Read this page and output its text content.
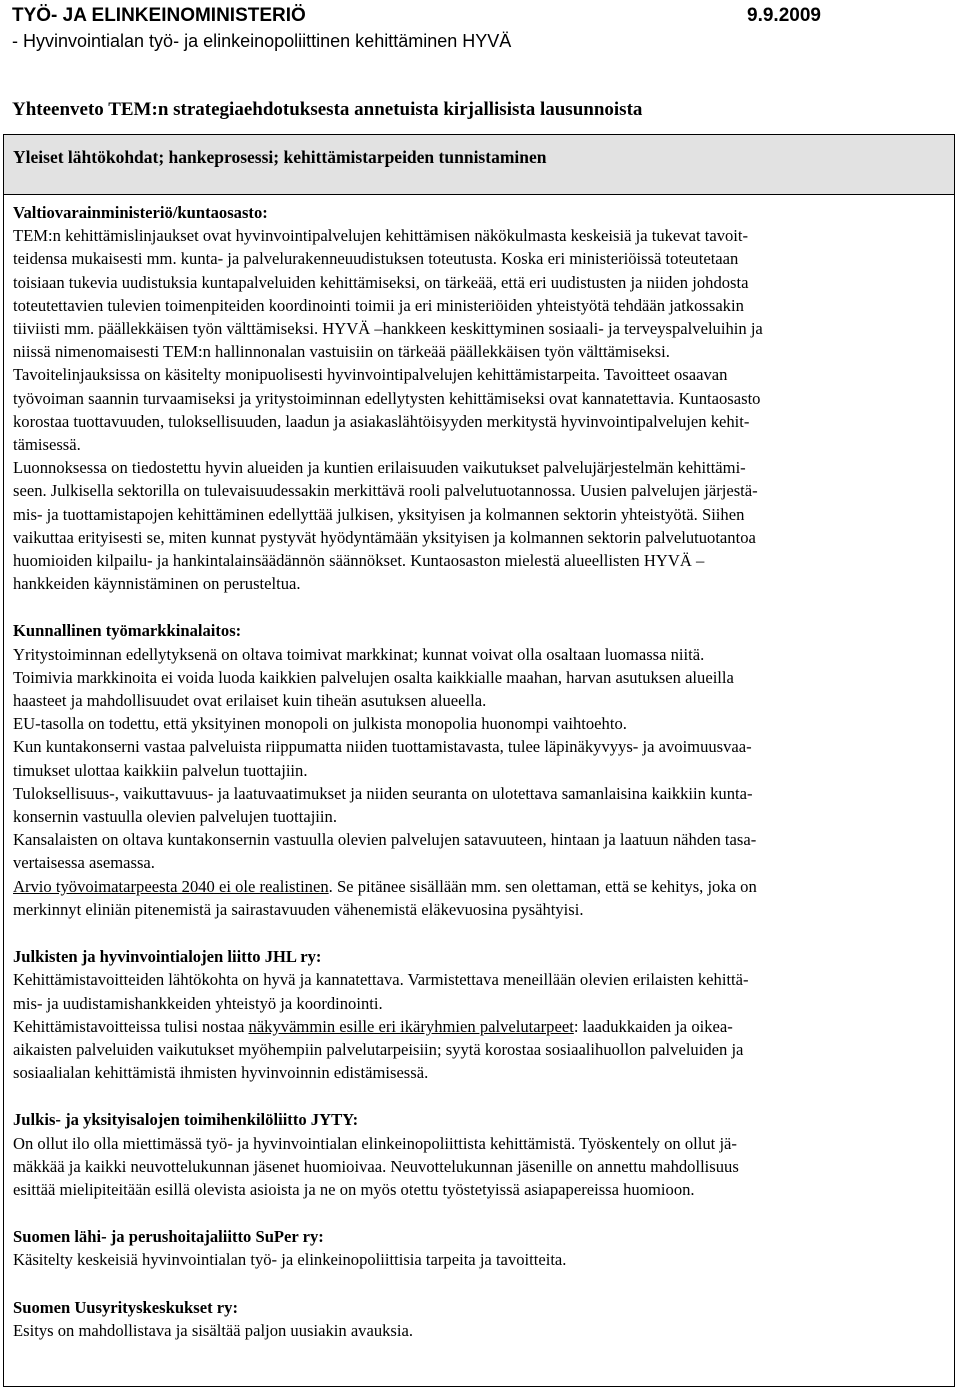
TYÖ- JA ELINKEINOMINISTERIÖ	9.9.2009
- Hyvinvointialan työ- ja elinkeinopoliittinen kehittäminen HYVÄ
Yhteenveto TEM:n strategiaehdotuksesta annetuista kirjallisista lausunnoista
Yleiset lähtökohdat; hankeprosessi; kehittämistarpeiden tunnistaminen
Valtiovarainministeriö/kuntaosasto:
TEM:n kehittämislinjaukset ovat hyvinvointipalvelujen kehittämisen näkökulmasta keskeisiä ja tukevat tavoit-
teidensa mukaisesti mm. kunta- ja palvelurakenneuudistuksen toteutusta. Koska eri ministeriöissä toteutetaan
toisiaan tukevia uudistuksia kuntapalveluiden kehittämiseksi, on tärkeää, että eri uudistusten ja niiden johdosta
toteutettavien tulevien toimenpiteiden koordinointi toimii ja eri ministeriöiden yhteistyötä tehdään jatkossakin
tiiviisti mm. päällekkäisen työn välttämiseksi. HYVÄ –hankkeen keskittyminen sosiaali- ja terveyspalveluihin ja
niissä nimenomaisesti TEM:n hallinnonalan vastuisiin on tärkeää päällekkäisen työn välttämiseksi.
Tavoitelinjauksissa on käsitelty monipuolisesti hyvinvointipalvelujen kehittämistarpeita. Tavoitteet osaavan
työvoiman saannin turvaamiseksi ja yritystoiminnan edellytysten kehittämiseksi ovat kannatettavia. Kuntaosasto
korostaa tuottavuuden, tuloksellisuuden, laadun ja asiakaslähtöisyyden merkitystä hyvinvointipalvelujen kehit-
tämisessä.
Luonnoksessa on tiedostettu hyvin alueiden ja kuntien erilaisuuden vaikutukset palvelujärjestelmän kehittämi-
seen. Julkisella sektorilla on tulevaisuudessakin merkittävä rooli palvelutuotannossa. Uusien palvelujen järjestä-
mis- ja tuottamistapojen kehittäminen edellyttää julkisen, yksityisen ja kolmannen sektorin yhteistyötä. Siihen
vaikuttaa erityisesti se, miten kunnat pystyvät hyödyntämään yksityisen ja kolmannen sektorin palvelutuotantoa
huomioiden kilpailu- ja hankintalainsäädännön säännökset. Kuntaosaston mielestä alueellisten HYVÄ –
hankkeiden käynnistäminen on perusteltua.
Kunnallinen työmarkkinalaitos:
Yritystoiminnan edellytyksenä on oltava toimivat markkinat; kunnat voivat olla osaltaan luomassa niitä.
Toimivia markkinoita ei voida luoda kaikkien palvelujen osalta kaikkialle maahan, harvan asutuksen alueilla
haasteet ja mahdollisuudet ovat erilaiset kuin tiheän asutuksen alueella.
EU-tasolla on todettu, että yksityinen monopoli on julkista monopolia huonompi vaihtoehto.
Kun kuntakonserni vastaa palveluista riippumatta niiden tuottamistavasta, tulee läpinäkyvyys- ja avoimuusvaa-
timukset ulottaa kaikkiin palvelun tuottajiin.
Tuloksellisuus-, vaikuttavuus- ja laatuvaatimukset ja niiden seuranta on ulotettava samanlaisina kaikkiin kunta-
konsernin vastuulla olevien palvelujen tuottajiin.
Kansalaisten on oltava kuntakonsernin vastuulla olevien palvelujen satavuuteen, hintaan ja laatuun nähden tasa-
vertaisessa asemassa.
Arvio työvoimatarpeesta 2040 ei ole realistinen. Se pitänee sisällään mm. sen olettaman, että se kehitys, joka on
merkinnyt eliniän pitenemistä ja sairastavuuden vähenemistä eläkevuosina pysähtyisi.
Julkisten ja hyvinvointialojen liitto JHL ry:
Kehittämistavoitteiden lähtökohta on hyvä ja kannatettava. Varmistettava meneillään olevien erilaisten kehittä-
mis- ja uudistamishankkeiden yhteistyö ja koordinointi.
Kehittämistavoitteissa tulisi nostaa näkyvämmin esille eri ikäryhmien palvelutarpeet: laadukkaiden ja oikea-
aikaisten palveluiden vaikutukset myöhempiin palvelutarpeisiin; syytä korostaa sosiaalihuollon palveluiden ja
sosiaalialan kehittämistä ihmisten hyvinvoinnin edistämisessä.
Julkis- ja yksityisalojen toimihenkilöliitto JYTY:
On ollut ilo olla miettimässä työ- ja hyvinvointialan elinkeinopoliittista kehittämistä. Työskentely on ollut jä-
mäkkää ja kaikki neuvottelukunnan jäsenet huomioivaa. Neuvottelukunnan jäsenille on annettu mahdollisuus
esittää mielipiteitään esillä olevista asioista ja ne on myös otettu työstetyissä asiapapereissa huomioon.
Suomen lähi- ja perushoitajaliitto SuPer ry:
Käsitelty keskeisiä hyvinvointialan työ- ja elinkeinopoliittisia tarpeita ja tavoitteita.
Suomen Uusyrityskeskukset ry:
Esitys on mahdollistava ja sisältää paljon uusiakin avauksia.
